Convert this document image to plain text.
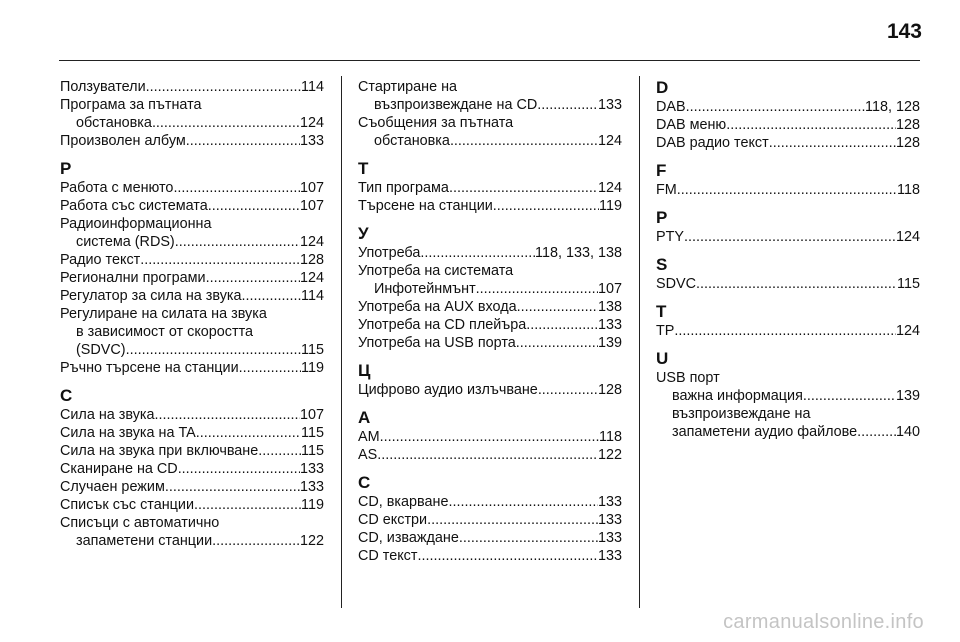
143
Ползуватели .....	114
Програма за пътната
обстановка .....	124
Произволен албум .....	133
Р
Работа с менюто .....	107
Работа със системата .....	107
Радиоинформационна
система (RDS) .....	124
Радио текст .....	128
Регионални програми .....	124
Регулатор за сила на звука .....	114
Регулиране на силата на звука
в зависимост от скоростта
(SDVC) .....	115
Ръчно търсене на станции .....	119
С
Сила на звука .....	107
Сила на звука на TA .....	115
Сила на звука при включване .....	115
Сканиране на CD .....	133
Случаен режим .....	133
Списък със станции .....	119
Списъци с автоматично
запаметени станции .....	122
Стартиране на
възпроизвеждане на CD .....	133
Съобщения за пътната
обстановка .....	124
Т
Тип програма .....	124
Търсене на станции .....	119
У
Употреба .....	118, 133, 138
Употреба на системата
Инфотейнмънт .....	107
Употреба на AUX входа .....	138
Употреба на CD плейъра .....	133
Употреба на USB порта .....	139
Ц
Цифрово аудио излъчване .....	128
A
AM .....	118
AS .....	122
C
CD, вкарване .....	133
CD екстри .....	133
CD, изваждане .....	133
CD текст .....	133
D
DAB .....	118, 128
DAB меню .....	128
DAB радио текст .....	128
F
FM .....	118
P
PTY .....	124
S
SDVC .....	115
T
TP .....	124
U
USB порт
важна информация .....	139
възпроизвеждане на
запаметени аудио файлове .....	140
carmanualsonline.info
